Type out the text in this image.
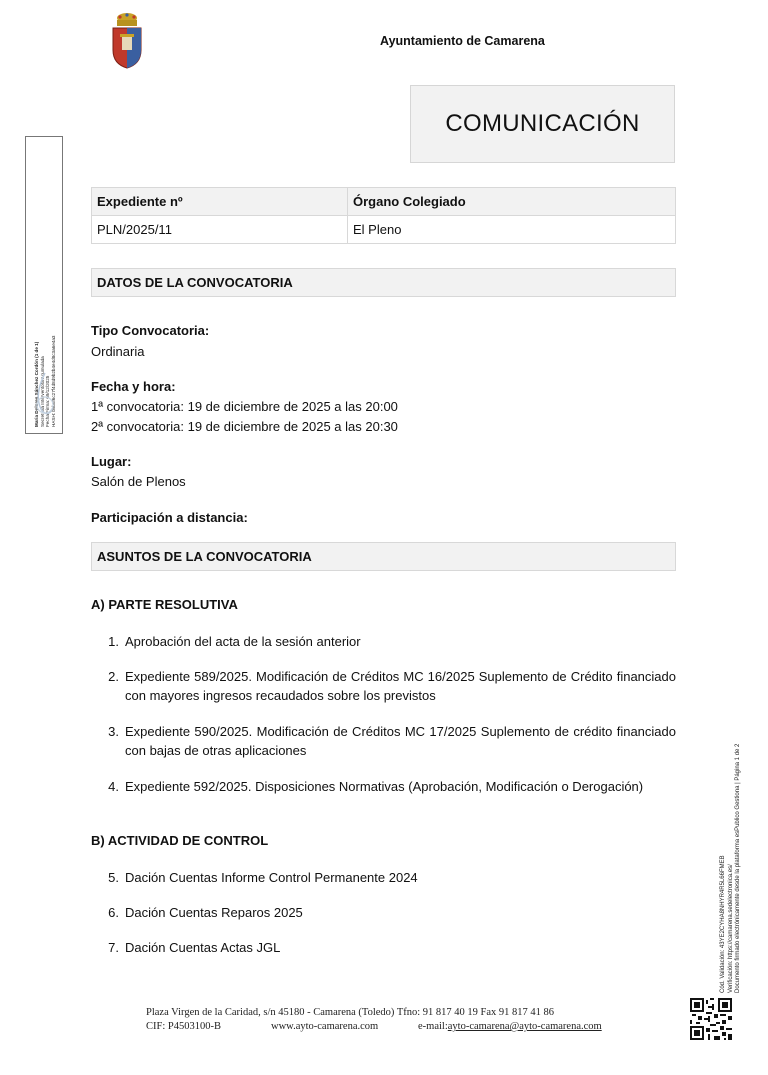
Ayuntamiento de Camarena
COMUNICACIÓN
Maria Dolores Sánchez Cordón (1 de 1) Secretaria Interventora Acumulada Fecha Firma: 09/12/2025 HASH: b9b6f6c27f4d8d9b2b4e4d8c3a6e4a3
Expediente nº	Órgano Colegiado
PLN/2025/11	El Pleno
DATOS DE LA CONVOCATORIA
Tipo Convocatoria:
Ordinaria
Fecha y hora:
1ª convocatoria: 19 de diciembre de 2025 a las 20:00
2ª convocatoria: 19 de diciembre de 2025 a las 20:30
Lugar:
Salón de Plenos
Participación a distancia:
ASUNTOS DE LA CONVOCATORIA
A) PARTE RESOLUTIVA
1. Aprobación del acta de la sesión anterior
2. Expediente 589/2025. Modificación de Créditos MC 16/2025 Suplemento de Crédito financiado con mayores ingresos recaudados sobre los previstos
3. Expediente 590/2025. Modificación de Créditos MC 17/2025 Suplemento de crédito financiado con bajas de otras aplicaciones
4. Expediente 592/2025. Disposiciones Normativas (Aprobación, Modificación o Derogación)
B) ACTIVIDAD DE CONTROL
5. Dación Cuentas Informe Control Permanente 2024
6. Dación Cuentas Reparos 2025
7. Dación Cuentas Actas JGL
Plaza Virgen de la Caridad, s/n 45180 - Camarena (Toledo) Tfno: 91 817 40 19 Fax 91 817 41 86
CIF: P4503100-B	www.ayto-camarena.com	e-mail:ayto-camarena@ayto-camarena.com
Cód. Validación: 43YE2CYHA8NHYR4R5L66FMEB Verificación: https://camarena.sedelectronica.es/ Documento firmado electrónicamente desde la plataforma esPublico Gestiona | Página 1 de 2
